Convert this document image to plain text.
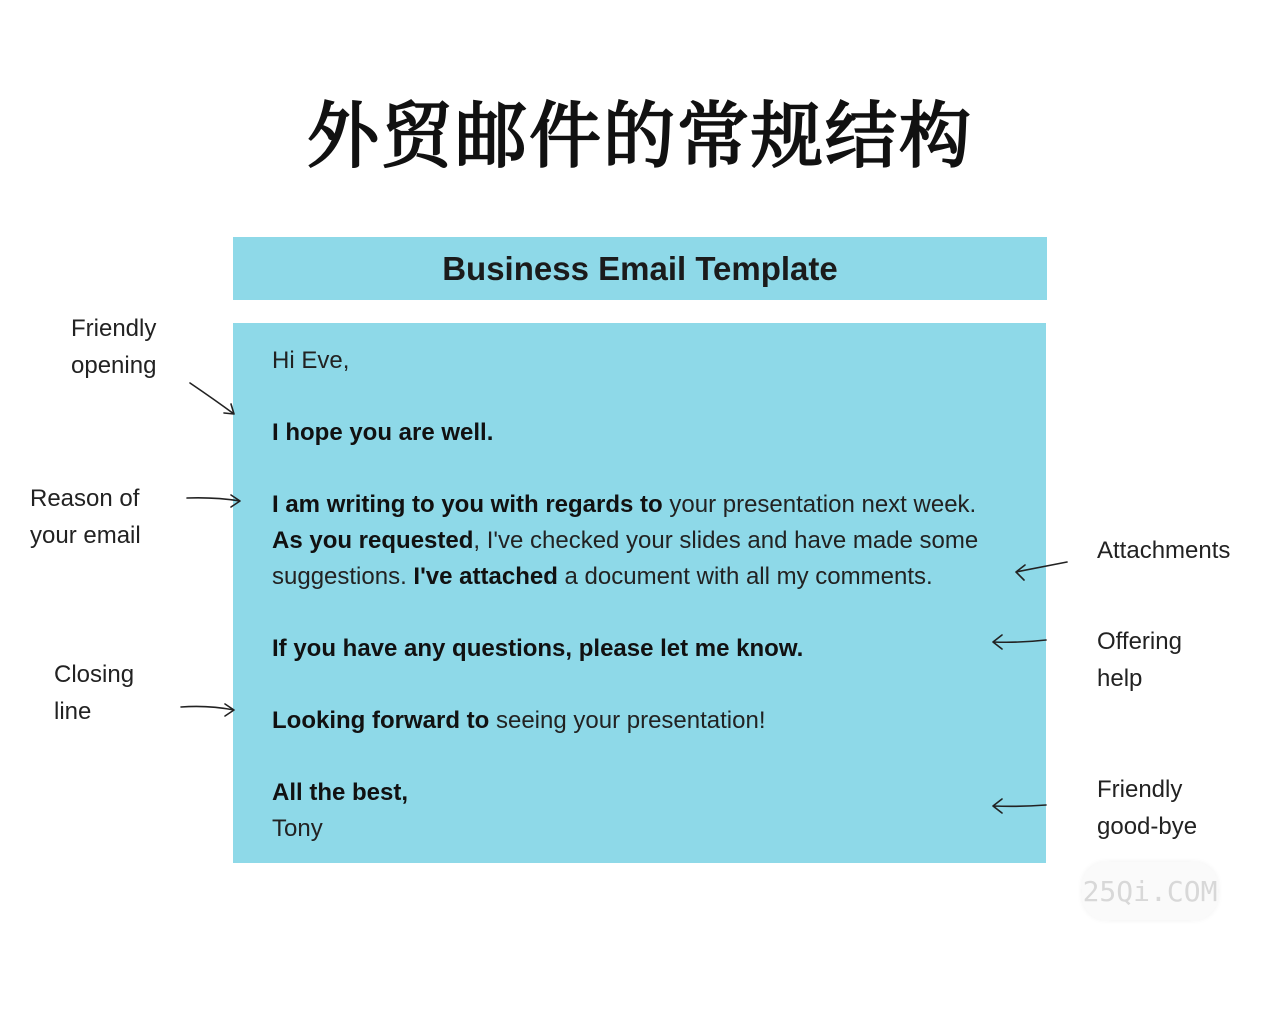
外贸邮件的常规结构
Business Email Template
Hi Eve,
I hope you are well.
I am writing to you with regards to your presentation next week.
As you requested, I've checked your slides and have made some
suggestions. I've attached a document with all my comments.
If you have any questions, please let me know.
Looking forward to seeing your presentation!
All the best,
Tony
Friendly
opening
Reason of
your email
Closing
line
Attachments
Offering
help
Friendly
good-bye
25Qi.COM
